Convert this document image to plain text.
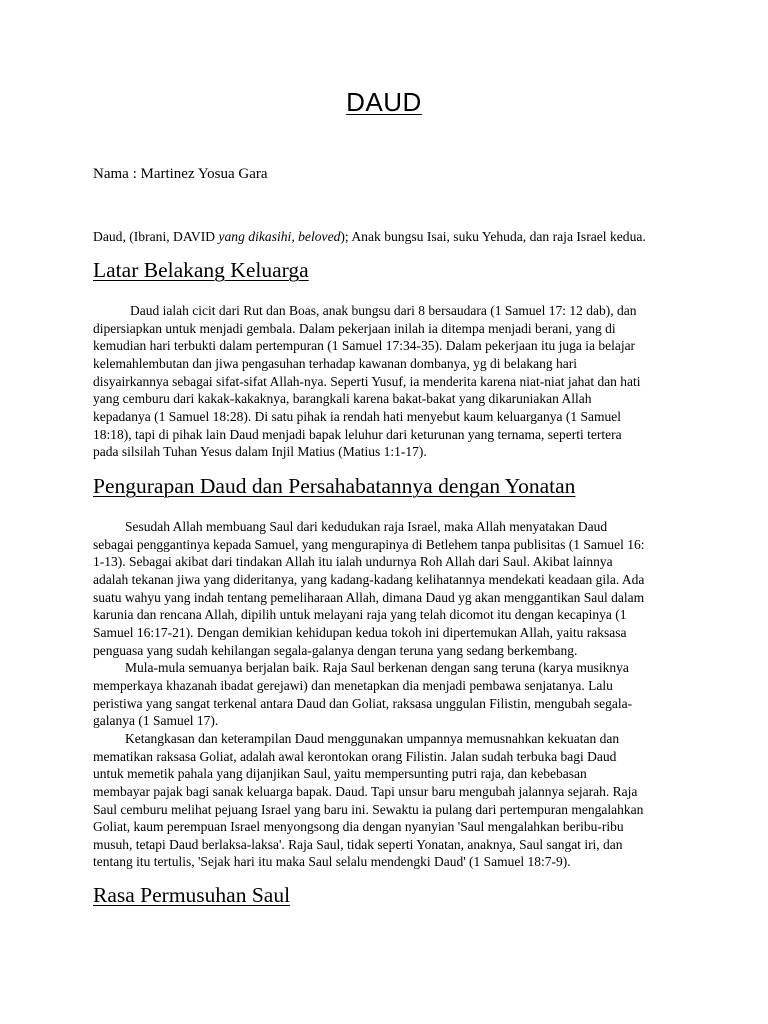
DAUD

Nama : Martinez Yosua Gara

Daud, (Ibrani, DAVID yang dikasihi, beloved); Anak bungsu Isai, suku Yehuda, dan raja Israel kedua.

Latar Belakang Keluarga

Daud ialah cicit dari Rut dan Boas, anak bungsu dari 8 bersaudara (1 Samuel 17: 12 dab), dan
dipersiapkan untuk menjadi gembala. Dalam pekerjaan inilah ia ditempa menjadi berani, yang di
kemudian hari terbukti dalam pertempuran (1 Samuel 17:34-35). Dalam pekerjaan itu juga ia belajar
kelemahlembutan dan jiwa pengasuhan terhadap kawanan dombanya, yg di belakang hari
disyairkannya sebagai sifat-sifat Allah-nya. Seperti Yusuf, ia menderita karena niat-niat jahat dan hati
yang cemburu dari kakak-kakaknya, barangkali karena bakat-bakat yang dikaruniakan Allah
kepadanya (1 Samuel 18:28). Di satu pihak ia rendah hati menyebut kaum keluarganya (1 Samuel
18:18), tapi di pihak lain Daud menjadi bapak leluhur dari keturunan yang ternama, seperti tertera
pada silsilah Tuhan Yesus dalam Injil Matius (Matius 1:1-17).

Pengurapan Daud dan Persahabatannya dengan Yonatan

Sesudah Allah membuang Saul dari kedudukan raja Israel, maka Allah menyatakan Daud
sebagai penggantinya kepada Samuel, yang mengurapinya di Betlehem tanpa publisitas (1 Samuel 16:
1-13). Sebagai akibat dari tindakan Allah itu ialah undurnya Roh Allah dari Saul. Akibat lainnya
adalah tekanan jiwa yang dideritanya, yang kadang-kadang kelihatannya mendekati keadaan gila. Ada
suatu wahyu yang indah tentang pemeliharaan Allah, dimana Daud yg akan menggantikan Saul dalam
karunia dan rencana Allah, dipilih untuk melayani raja yang telah dicomot itu dengan kecapinya (1
Samuel 16:17-21). Dengan demikian kehidupan kedua tokoh ini dipertemukan Allah, yaitu raksasa
penguasa yang sudah kehilangan segala-galanya dengan teruna yang sedang berkembang.

Mula-mula semuanya berjalan baik. Raja Saul berkenan dengan sang teruna (karya musiknya
memperkaya khazanah ibadat gerejawi) dan menetapkan dia menjadi pembawa senjatanya. Lalu
peristiwa yang sangat terkenal antara Daud dan Goliat, raksasa unggulan Filistin, mengubah segala-
galanya (1 Samuel 17).

Ketangkasan dan keterampilan Daud menggunakan umpannya memusnahkan kekuatan dan
mematikan raksasa Goliat, adalah awal kerontokan orang Filistin. Jalan sudah terbuka bagi Daud
untuk memetik pahala yang dijanjikan Saul, yaitu mempersunting putri raja, dan kebebasan
membayar pajak bagi sanak keluarga bapak. Daud. Tapi unsur baru mengubah jalannya sejarah. Raja
Saul cemburu melihat pejuang Israel yang baru ini. Sewaktu ia pulang dari pertempuran mengalahkan
Goliat, kaum perempuan Israel menyongsong dia dengan nyanyian 'Saul mengalahkan beribu-ribu
musuh, tetapi Daud berlaksa-laksa'. Raja Saul, tidak seperti Yonatan, anaknya, Saul sangat iri, dan
tentang itu tertulis, 'Sejak hari itu maka Saul selalu mendengki Daud' (1 Samuel 18:7-9).

Rasa Permusuhan Saul
